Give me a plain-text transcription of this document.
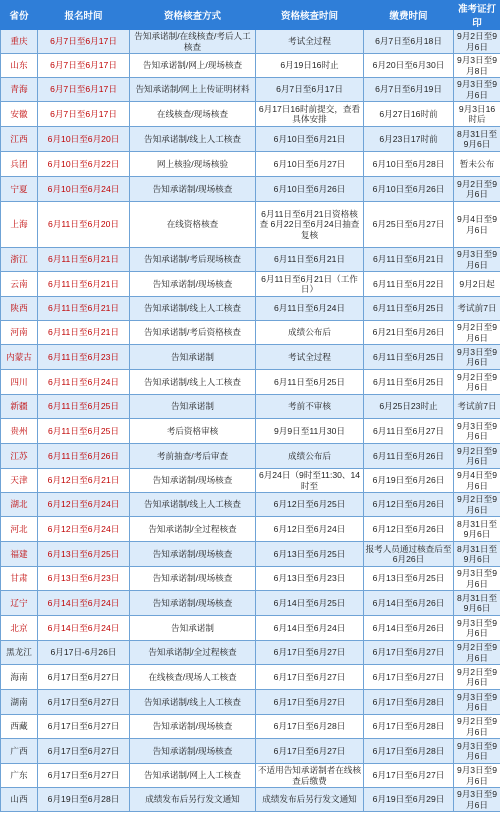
省份	报名时间	资格核查方式	资格核查时间	缴费时间	准考证打印
重庆	6月7日至6月17日	告知承诺制/在线核查/考后人工核查	考试全过程	6月7日至6月18日	9月2日至9月6日
山东	6月7日至6月17日	告知承诺制/网上/现场核查	6月19日16时止	6月20日至6月30日	9月3日至9月8日
青海	6月7日至6月17日	告知承诺制/网上上传证明材料	6月7日至6月17日	6月7日至6月19日	9月3日至9月6日
安徽	6月7日至6月17日	在线核查/现场核查	6月17日16时前提交，查看具体安排	6月27日16时前	9月3日16时后
江西	6月10日至6月20日	告知承诺制/线上人工核查	6月10日至6月21日	6月23日17时前	8月31日至9月6日
兵团	6月10日至6月22日	网上核验/现场核验	6月10日至6月27日	6月10日至6月28日	暂未公布
宁夏	6月10日至6月24日	告知承诺制/现场核查	6月10日至6月26日	6月10日至6月26日	9月2日至9月6日
上海	6月11日至6月20日	在线资格核查	6月11日至6月21日资格核查 6月22日至6月24日抽查复核	6月25日至6月27日	9月4日至9月6日
浙江	6月11日至6月21日	告知承诺制/考后现场核查	6月11日至6月21日	6月11日至6月21日	9月3日至9月6日
云南	6月11日至6月21日	告知承诺制/现场核查	6月11日至6月21日（工作日）	6月11日至6月22日	9月2日起
陕西	6月11日至6月21日	告知承诺制/线上人工核查	6月11日至6月24日	6月11日至6月25日	考试前7日
河南	6月11日至6月21日	告知承诺制/考后资格核查	成绩公布后	6月21日至6月26日	9月2日至9月6日
内蒙古	6月11日至6月23日	告知承诺制	考试全过程	6月11日至6月25日	9月3日至9月6日
四川	6月11日至6月24日	告知承诺制/线上人工核查	6月11日至6月25日	6月11日至6月25日	9月2日至9月6日
新疆	6月11日至6月25日	告知承诺制	考前不审核	6月25日23时止	考试前7日
贵州	6月11日至6月25日	考后资格审核	9月9日至11月30日	6月11日至6月27日	9月3日至9月6日
江苏	6月11日至6月26日	考前抽查/考后审查	成绩公布后	6月11日至6月26日	9月2日至9月6日
天津	6月12日至6月21日	告知承诺制/现场核查	6月24日（9时至11:30、14时至	6月19日至6月26日	9月4日至9月6日
湖北	6月12日至6月24日	告知承诺制/线上人工核查	6月12日至6月25日	6月12日至6月26日	9月2日至9月6日
河北	6月12日至6月24日	告知承诺制/全过程核查	6月12日至6月24日	6月12日至6月26日	8月31日至9月6日
福建	6月13日至6月25日	告知承诺制/现场核查	6月13日至6月25日	报考人员通过核查后至6月26日	8月31日至9月6日
甘肃	6月13日至6月23日	告知承诺制/现场核查	6月13日至6月23日	6月13日至6月25日	9月3日至9月6日
辽宁	6月14日至6月24日	告知承诺制/现场核查	6月14日至6月25日	6月14日至6月26日	8月31日至9月6日
北京	6月14日至6月24日	告知承诺制	6月14日至6月24日	6月14日至6月26日	9月3日至9月6日
黑龙江	6月17日-6月26日	告知承诺制/全过程核查	6月17日至6月27日	6月17日至6月27日	9月2日至9月6日
海南	6月17日至6月27日	在线核查/现场人工核查	6月17日至6月27日	6月17日至6月27日	9月2日至9月6日
湖南	6月17日至6月27日	告知承诺制/线上人工核查	6月17日至6月27日	6月17日至6月28日	9月3日至9月6日
西藏	6月17日至6月27日	告知承诺制/现场核查	6月17日至6月28日	6月17日至6月28日	9月2日至9月6日
广西	6月17日至6月27日	告知承诺制/现场核查	6月17日至6月27日	6月17日至6月28日	9月3日至9月6日
广东	6月17日至6月27日	告知承诺制/网上人工核查	不适用告知承诺制者在线核查后缴费	6月17日至6月27日	9月3日至9月6日
山西	6月19日至6月28日	成绩发布后另行发文通知	成绩发布后另行发文通知	6月19日至6月29日	9月3日至9月6日
